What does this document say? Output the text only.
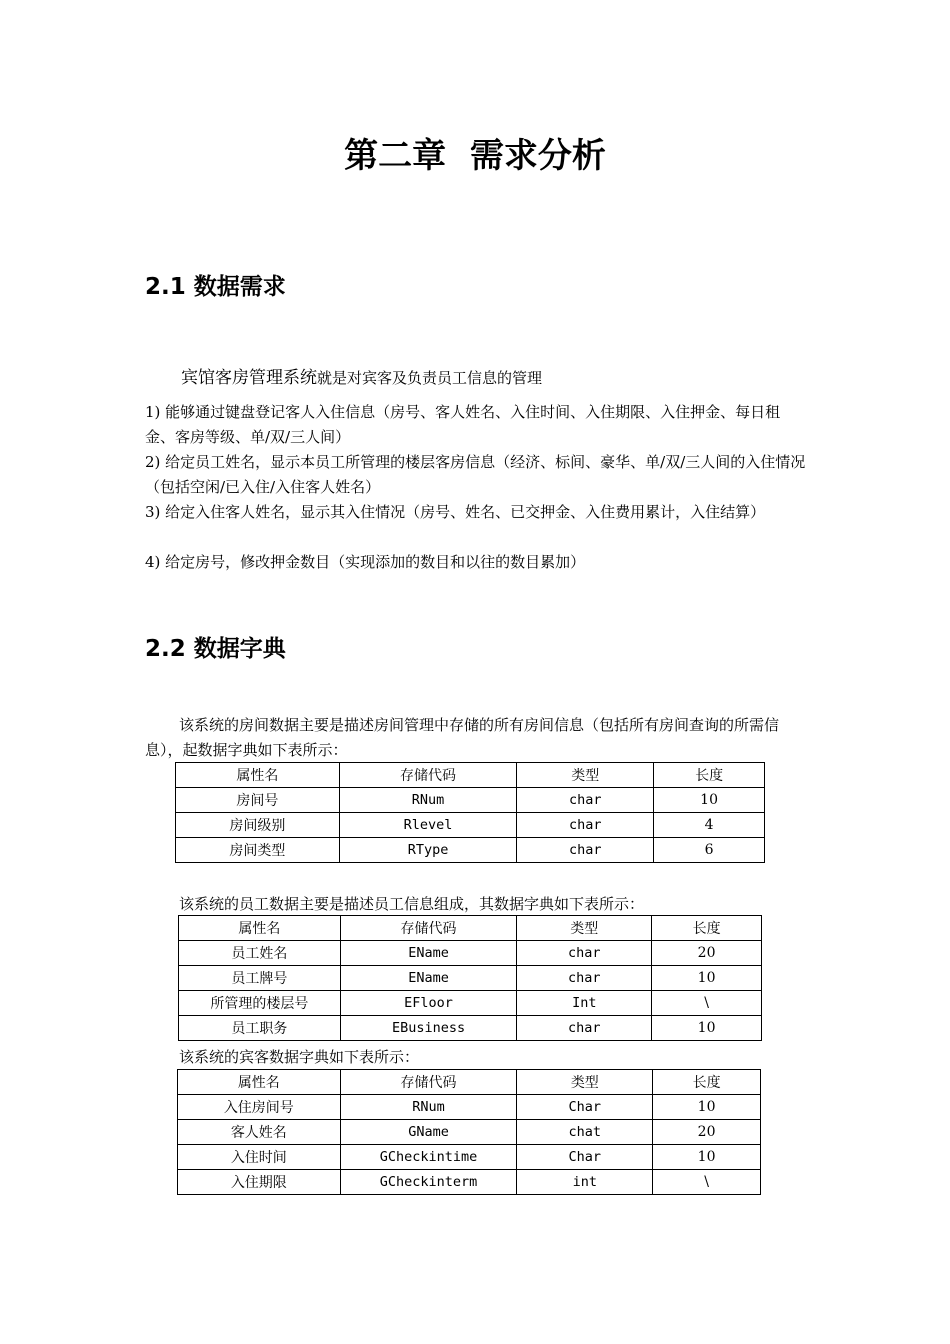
第二章 需求分析
2.1 数据需求
宾馆客房管理系统就是对宾客及负责员工信息的管理
1) 能够通过键盘登记客人入住信息（房号、客人姓名、入住时间、入住期限、入住押金、每日租金、客房等级、单/双/三人间）
2) 给定员工姓名，显示本员工所管理的楼层客房信息（经济、标间、豪华、单/双/三人间的入住情况（包括空闲/已入住/入住客人姓名）
3) 给定入住客人姓名，显示其入住情况（房号、姓名、已交押金、入住费用累计，入住结算）
4) 给定房号，修改押金数目（实现添加的数目和以往的数目累加）
2.2 数据字典
该系统的房间数据主要是描述房间管理中存储的所有房间信息（包括所有房间查询的所需信息），起数据字典如下表所示：
属性名	存储代码	类型	长度
房间号	RNum	char	10
房间级别	Rlevel	char	4
房间类型	RType	char	6
该系统的员工数据主要是描述员工信息组成，其数据字典如下表所示：
属性名	存储代码	类型	长度
员工姓名	EName	char	20
员工牌号	EName	char	10
所管理的楼层号	EFloor	Int	\
员工职务	EBusiness	char	10
该系统的宾客数据字典如下表所示：
属性名	存储代码	类型	长度
入住房间号	RNum	Char	10
客人姓名	GName	chat	20
入住时间	GCheckintime	Char	10
入住期限	GCheckinterm	int	\
